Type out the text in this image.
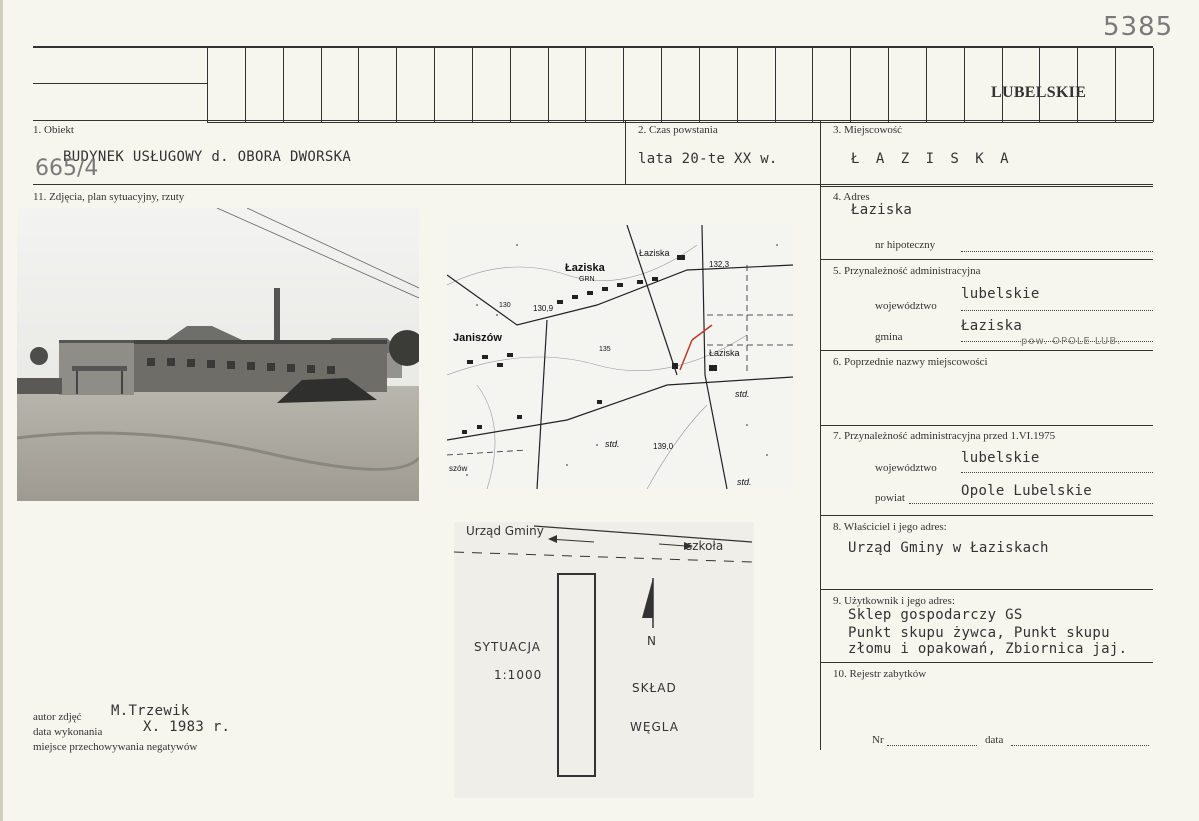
5385
LUBELSKIE
1. Obiekt
BUDYNEK USŁUGOWY d. OBORA DWORSKA
665/4
2. Czas powstania
lata 20-te XX w.
3. Miejscowość
Ł A Z I S K A
11. Zdjęcia, plan sytuacyjny, rzuty
Łaziska
GRN
Łaziska
132,3
130,9
130
Janiszów
Łaziska
135
std.
std.	139,0
std.
szów
Urząd Gminy
szkoła
SYTUACJA
1:1000
N
SKŁAD
WĘGLA
autor zdjęć M.Trzewik
data wykonania	X. 1983 r.
miejsce przechowywania negatywów
4. Adres
Łaziska
nr hipoteczny
5. Przynależność administracyjna
województwo
lubelskie
gmina
Łaziska
pow. OPOLE LUB.
6. Poprzednie nazwy miejscowości
7. Przynależność administracyjna przed 1.VI.1975
województwo
lubelskie
powiat	Opole Lubelskie
8. Właściciel i jego adres:
Urząd Gminy w Łaziskach
9. Użytkownik i jego adres:
Sklep gospodarczy GS
Punkt skupu żywca, Punkt skupu
złomu i opakowań, Zbiornica jaj.
10. Rejestr zabytków
Nr	data
